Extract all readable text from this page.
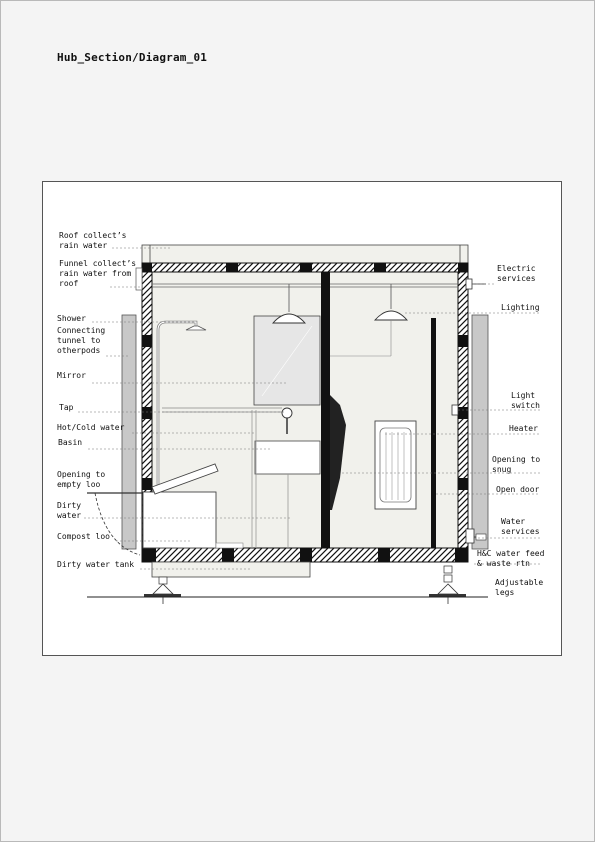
Hub_Section/Diagram_01
Roof collect’s
rain water
Funnel collect’s
rain water from
roof
Shower
Connecting
tunnel to
otherpods
Mirror
Tap
Hot/Cold water
Basin
Opening to
empty loo
Dirty
water
Compost loo
Dirty water tank
Electric
services
Lighting
Light
switch
Heater
Opening to
snug
Open door
Water
services
H&C water feed
& waste rtn
Adjustable
legs
